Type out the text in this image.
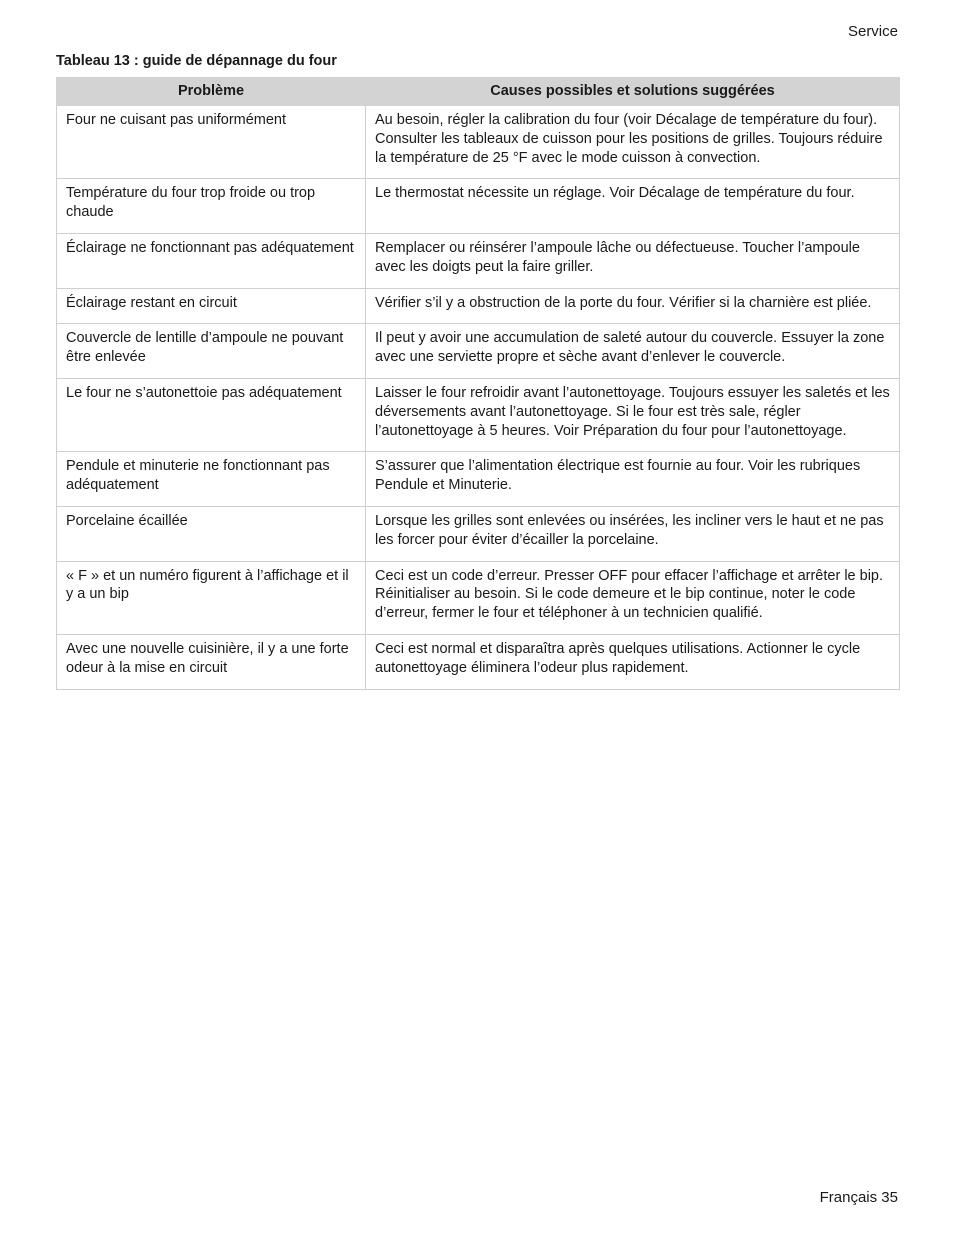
Service
Tableau 13 : guide de dépannage du four
Problème	Causes possibles et solutions suggérées
Four ne cuisant pas uniformément	Au besoin, régler la calibration du four (voir Décalage de température du four). Consulter les tableaux de cuisson pour les positions de grilles. Toujours réduire la température de 25 °F avec le mode cuisson à convection.
Température du four trop froide ou trop chaude	Le thermostat nécessite un réglage. Voir Décalage de température du four.
Éclairage ne fonctionnant pas adéquatement	Remplacer ou réinsérer l’ampoule lâche ou défectueuse. Toucher l’ampoule avec les doigts peut la faire griller.
Éclairage restant en circuit	Vérifier s’il y a obstruction de la porte du four. Vérifier si la charnière est pliée.
Couvercle de lentille d’ampoule ne pouvant être enlevée	Il peut y avoir une accumulation de saleté autour du couvercle. Essuyer la zone avec une serviette propre et sèche avant d’enlever le couvercle.
Le four ne s’autonettoie pas adéquatement	Laisser le four refroidir avant l’autonettoyage. Toujours essuyer les saletés et les déversements avant l’autonettoyage. Si le four est très sale, régler l’autonettoyage à 5 heures. Voir Préparation du four pour l’autonettoyage.
Pendule et minuterie ne fonctionnant pas adéquatement	S’assurer que l’alimentation électrique est fournie au four. Voir les rubriques Pendule et Minuterie.
Porcelaine écaillée	Lorsque les grilles sont enlevées ou insérées, les incliner vers le haut et ne pas les forcer pour éviter d’écailler la porcelaine.
« F » et un numéro figurent à l’affichage et il y a un bip	Ceci est un code d’erreur. Presser OFF pour effacer l’affichage et arrêter le bip. Réinitialiser au besoin. Si le code demeure et le bip continue, noter le code d’erreur, fermer le four et téléphoner à un technicien qualifié.
Avec une nouvelle cuisinière, il y a une forte odeur à la mise en circuit	Ceci est normal et disparaîtra après quelques utilisations. Actionner le cycle autonettoyage éliminera l’odeur plus rapidement.
Français 35
